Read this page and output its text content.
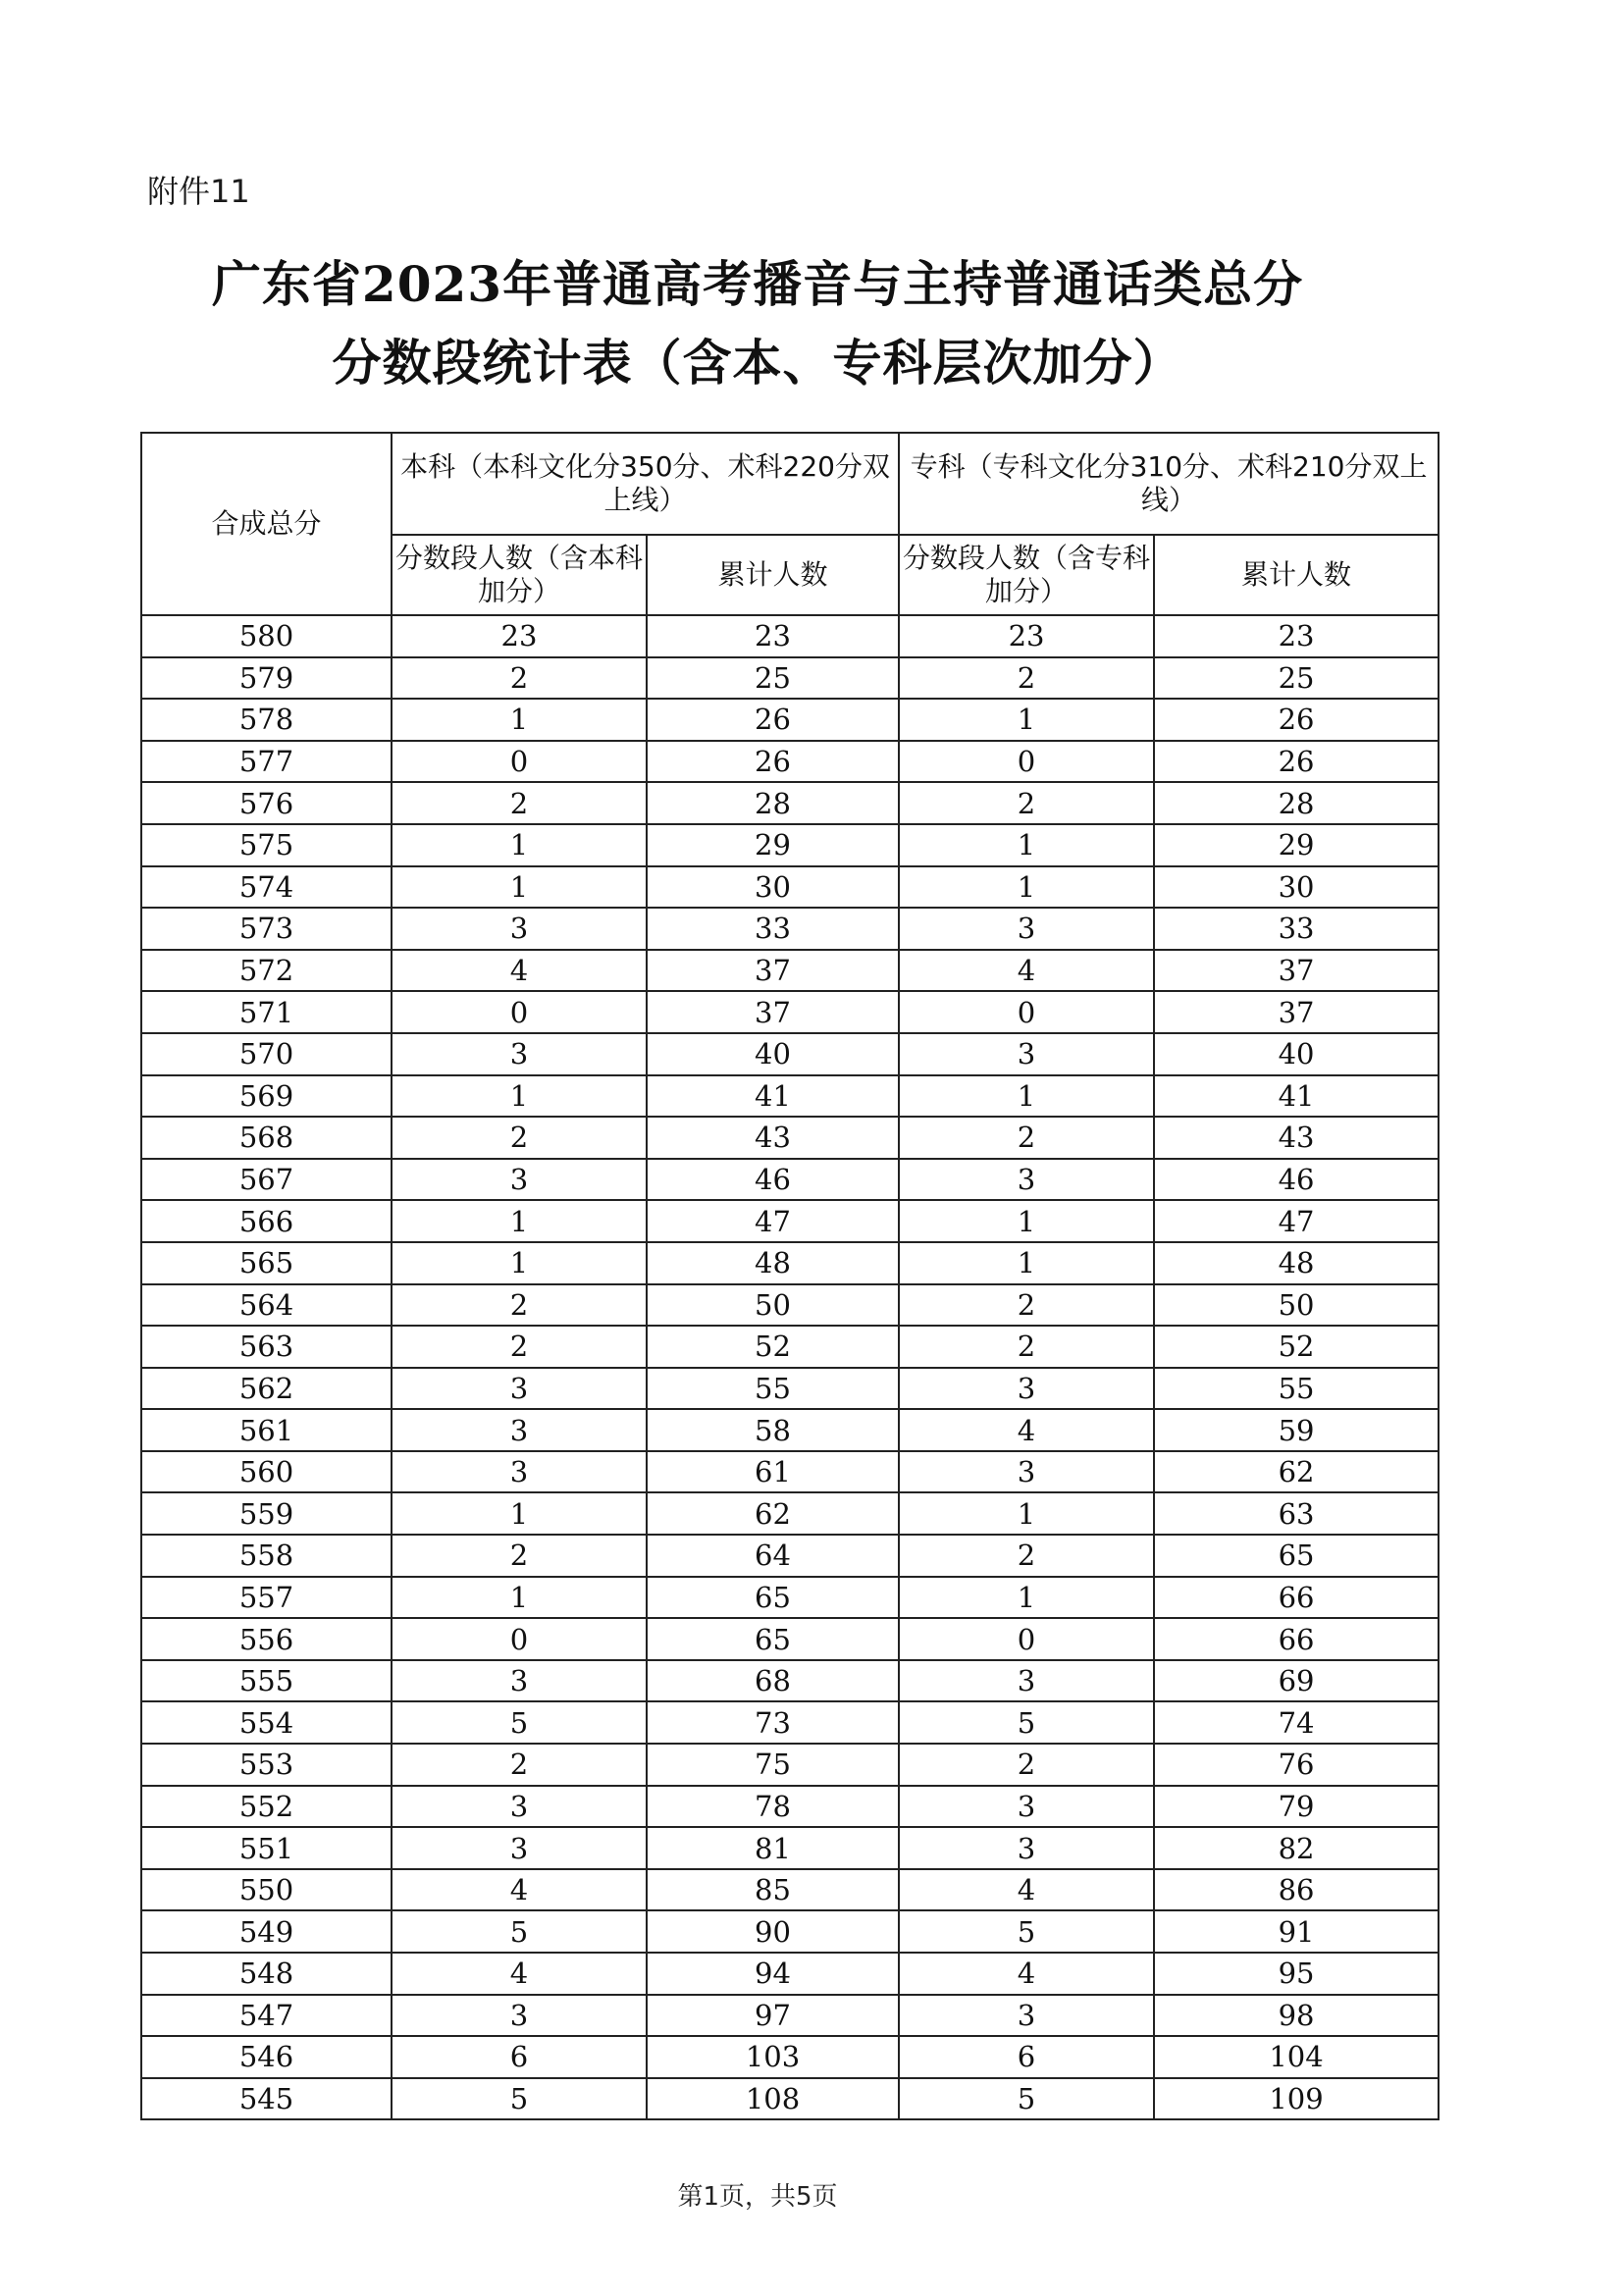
附件11
广东省2023年普通高考播音与主持普通话类总分
分数段统计表（含本、专科层次加分）
合成总分	本科（本科文化分350分、术科220分双上线）		专科（专科文化分310分、术科210分双上线）	
	分数段人数（含本科加分）	累计人数	分数段人数（含专科加分）	累计人数
580	23	23	23	23
579	2	25	2	25
578	1	26	1	26
577	0	26	0	26
576	2	28	2	28
575	1	29	1	29
574	1	30	1	30
573	3	33	3	33
572	4	37	4	37
571	0	37	0	37
570	3	40	3	40
569	1	41	1	41
568	2	43	2	43
567	3	46	3	46
566	1	47	1	47
565	1	48	1	48
564	2	50	2	50
563	2	52	2	52
562	3	55	3	55
561	3	58	4	59
560	3	61	3	62
559	1	62	1	63
558	2	64	2	65
557	1	65	1	66
556	0	65	0	66
555	3	68	3	69
554	5	73	5	74
553	2	75	2	76
552	3	78	3	79
551	3	81	3	82
550	4	85	4	86
549	5	90	5	91
548	4	94	4	95
547	3	97	3	98
546	6	103	6	104
545	5	108	5	109
第1页，共5页
